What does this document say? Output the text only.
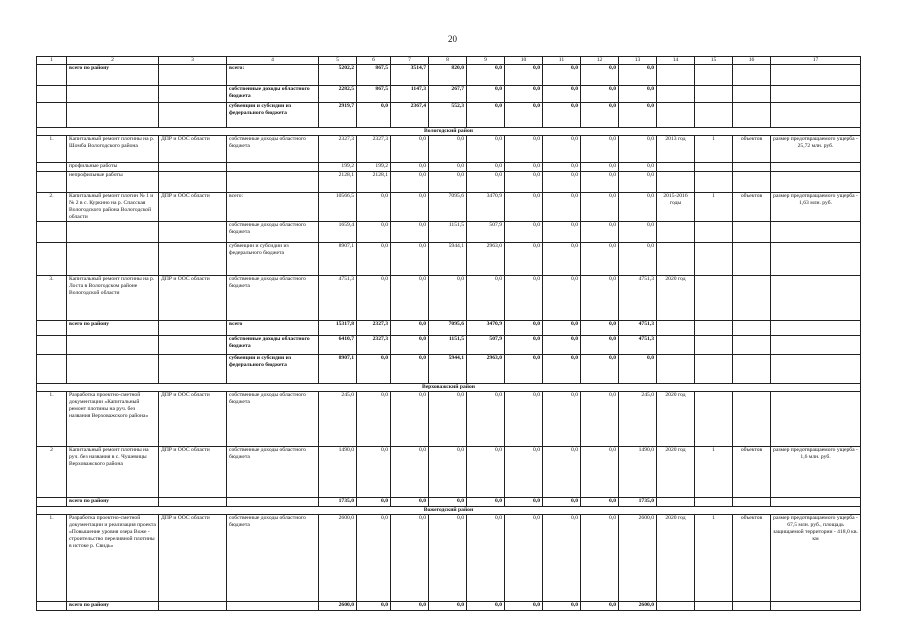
20
1	2	3	4	5	6	7	8	9	10	11	12	13	14	15	16	17
	всего по району		всего:	5202,2	867,5	3514,7	820,0	0,0	0,0	0,0	0,0	0,0				
			собственные доходы областного бюджета	2282,5	867,5	1147,3	267,7	0,0	0,0	0,0	0,0	0,0				
			субвенции и субсидии из федерального бюджета	2919,7	0,0	2367,4	552,3	0,0	0,0	0,0	0,0	0,0				
Вологодский район																
1.	Капитальный ремонт плотины на р. Шомба Вологодского района	ДПР и ООС области	собственные доходы областного бюджета	2327,3	2327,3	0,0	0,0	0,0	0,0	0,0	0,0	0,0	2013 год	1	объектов	размер предотвращаемого ущерба - 25,72 млн. руб.
	профильные работы			199,2	199,2	0,0	0,0	0,0	0,0	0,0	0,0	0,0				
	непрофильные работы			2128,1	2128,1	0,0	0,0	0,0	0,0	0,0	0,0	0,0				
2.	Капитальный ремонт плотин № 1 и № 2 в с. Куркино на р. Спасская Вологодского района Вологодской области	ДПР и ООС области	всего:	10566,5	0,0	0,0	7095,6	3470,9	0,0	0,0	0,0	0,0	2015-2016 годы	1	объектов	размер предотвращаемого ущерба - 1,63 млн. руб.
			собственные доходы областного бюджета	1659,4	0,0	0,0	1151,5	507,9	0,0	0,0	0,0	0,0				
			субвенции и субсидии из федерального бюджета	8907,1	0,0	0,0	5944,1	2963,0	0,0	0,0	0,0	0,0				
3.	Капитальный ремонт плотины на р. Лоста в Вологодском районе Вологодской области	ДПР и ООС области	собственные доходы областного бюджета	4751,3	0,0	0,0	0,0	0,0	0,0	0,0	0,0	4751,3	2020 год			
	всего по району		всего	15317,8	2327,3	0,0	7095,6	3470,9	0,0	0,0	0,0	4751,3				
			собственные доходы областного бюджета	6410,7	2327,3	0,0	1151,5	507,9	0,0	0,0	0,0	4751,3				
			субвенции и субсидии из федерального бюджета	8907,1	0,0	0,0	5944,1	2963,0	0,0	0,0	0,0	0,0				
Верховажский район																
1.	Разработка проектно-сметной документации «Капитальный ремонт плотины на руч. без названия Верховажского района»	ДПР и ООС области	собственные доходы областного бюджета	245,0	0,0	0,0	0,0	0,0	0,0	0,0	0,0	245,0	2020 год			
2	Капитальный ремонт плотины на руч. без названия в с. Чушевицы Верховажского района	ДПР и ООС области	собственные доходы областного бюджета	1490,0	0,0	0,0	0,0	0,0	0,0	0,0	0,0	1490,0	2020 год	1	объектов	размер предотвращаемого ущерба - 1,6 млн. руб.
	всего по району			1735,0	0,0	0,0	0,0	0,0	0,0	0,0	0,0	1735,0				
Вожегодский район																
1.	Разработка проектно-сметной документации и реализация проекта «Повышение уровня озера Воже - строительство переливной плотины в истоке р. Свидь»	ДПР и ООС области	собственные доходы областного бюджета	2600,0	0,0	0,0	0,0	0,0	0,0	0,0	0,0	2600,0	2020 год	1	объектов	размер предотвращаемого ущерба - 67,5 млн. руб., площадь защищаемой территории - 418,0 кв. км
	всего по району			2600,0	0,0	0,0	0,0	0,0	0,0	0,0	0,0	2600,0				
